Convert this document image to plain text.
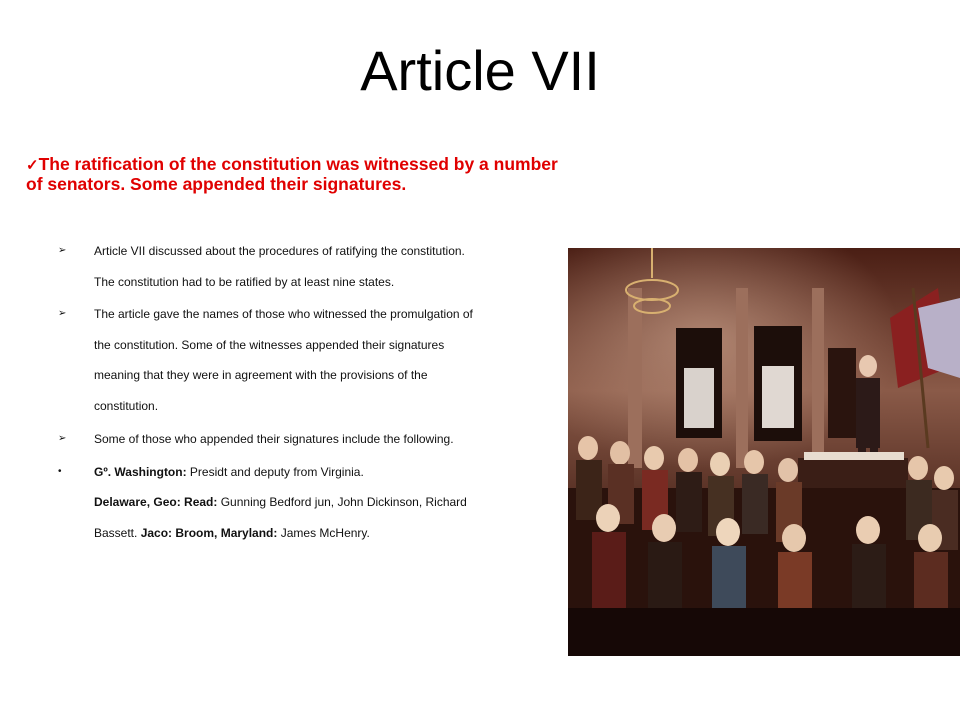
Article VII
✓The ratification of the constitution was witnessed by a number of senators. Some appended their signatures.
➢	Article VII discussed about the procedures of ratifying the constitution. The constitution had to be ratified by at least nine states.
➢	The article gave the names of those who witnessed the promulgation of the constitution. Some of the witnesses appended their signatures meaning that they were in agreement with the provisions of the constitution.
➢	Some of those who appended their signatures include the following.
•	Gº. Washington: Presidt and deputy from Virginia.
Delaware, Geo: Read: Gunning Bedford jun, John Dickinson, Richard Bassett. Jaco: Broom, Maryland: James McHenry.
